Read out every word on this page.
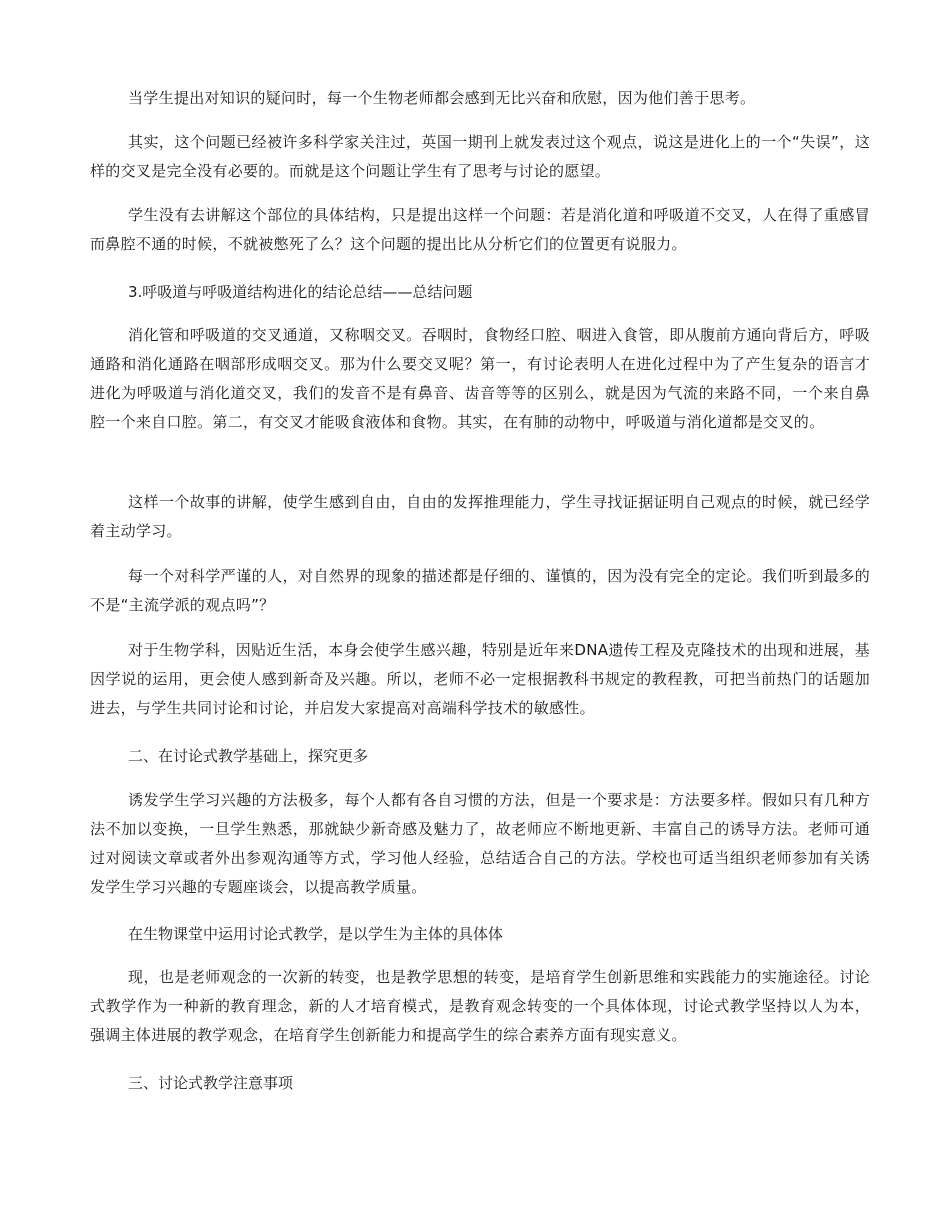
当学生提出对知识的疑问时，每一个生物老师都会感到无比兴奋和欣慰，因为他们善于思考。

其实，这个问题已经被许多科学家关注过，英国一期刊上就发表过这个观点，说这是进化上的一个“失误”，这样的交叉是完全没有必要的。而就是这个问题让学生有了思考与讨论的愿望。

学生没有去讲解这个部位的具体结构，只是提出这样一个问题：若是消化道和呼吸道不交叉，人在得了重感冒而鼻腔不通的时候，不就被憋死了么？这个问题的提出比从分析它们的位置更有说服力。

3.呼吸道与呼吸道结构进化的结论总结——总结问题

消化管和呼吸道的交叉通道，又称咽交叉。吞咽时，食物经口腔、咽进入食管，即从腹前方通向背后方，呼吸通路和消化通路在咽部形成咽交叉。那为什么要交叉呢？第一，有讨论表明人在进化过程中为了产生复杂的语言才进化为呼吸道与消化道交叉，我们的发音不是有鼻音、齿音等等的区别么，就是因为气流的来路不同，一个来自鼻腔一个来自口腔。第二，有交叉才能吸食液体和食物。其实，在有肺的动物中，呼吸道与消化道都是交叉的。

这样一个故事的讲解，使学生感到自由，自由的发挥推理能力，学生寻找证据证明自己观点的时候，就已经学着主动学习。

每一个对科学严谨的人，对自然界的现象的描述都是仔细的、谨慎的，因为没有完全的定论。我们听到最多的不是“主流学派的观点吗”？

对于生物学科，因贴近生活，本身会使学生感兴趣，特别是近年来DNA遗传工程及克隆技术的出现和进展，基因学说的运用，更会使人感到新奇及兴趣。所以，老师不必一定根据教科书规定的教程教，可把当前热门的话题加进去，与学生共同讨论和讨论，并启发大家提高对高端科学技术的敏感性。

二、在讨论式教学基础上，探究更多

诱发学生学习兴趣的方法极多，每个人都有各自习惯的方法，但是一个要求是：方法要多样。假如只有几种方法不加以变换，一旦学生熟悉，那就缺少新奇感及魅力了，故老师应不断地更新、丰富自己的诱导方法。老师可通过对阅读文章或者外出参观沟通等方式，学习他人经验，总结适合自己的方法。学校也可适当组织老师参加有关诱发学生学习兴趣的专题座谈会，以提高教学质量。

在生物课堂中运用讨论式教学，是以学生为主体的具体体

现，也是老师观念的一次新的转变，也是教学思想的转变，是培育学生创新思维和实践能力的实施途径。讨论式教学作为一种新的教育理念，新的人才培育模式，是教育观念转变的一个具体体现，讨论式教学坚持以人为本，强调主体进展的教学观念，在培育学生创新能力和提高学生的综合素养方面有现实意义。

三、讨论式教学注意事项
